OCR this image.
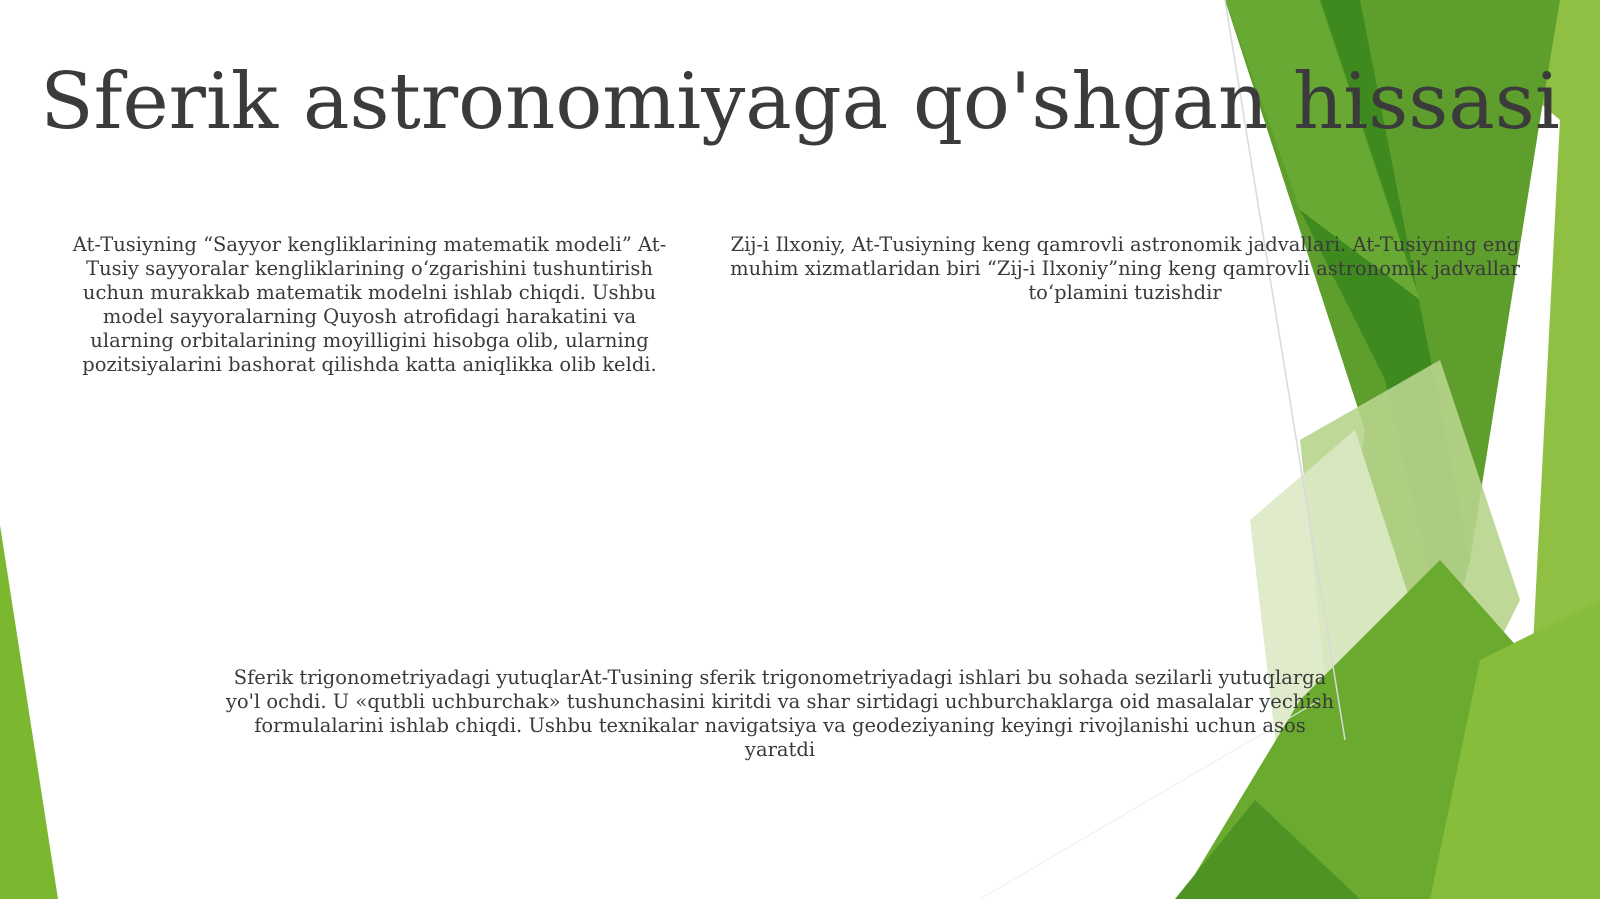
Sferik astronomiyaga qo'shgan hissasi
At-Tusiyning “Sayyor kengliklarining matematik modeli” At-Tusiy sayyoralar kengliklarining o‘zgarishini tushuntirish uchun murakkab matematik modelni ishlab chiqdi. Ushbu model sayyoralarning Quyosh atrofidagi harakatini va ularning orbitalarining moyilligini hisobga olib, ularning pozitsiyalarini bashorat qilishda katta aniqlikka olib keldi.
Zij-i Ilxoniy, At-Tusiyning keng qamrovli astronomik jadvallari. At-Tusiyning eng muhim xizmatlaridan biri “Zij-i Ilxoniy”ning keng qamrovli astronomik jadvallar to‘plamini tuzishdir
Sferik trigonometriyadagi yutuqlarAt-Tusining sferik trigonometriyadagi ishlari bu sohada sezilarli yutuqlarga yo'l ochdi. U «qutbli uchburchak» tushunchasini kiritdi va shar sirtidagi uchburchaklarga oid masalalar yechish formulalarini ishlab chiqdi. Ushbu texnikalar navigatsiya va geodeziyaning keyingi rivojlanishi uchun asos yaratdi
